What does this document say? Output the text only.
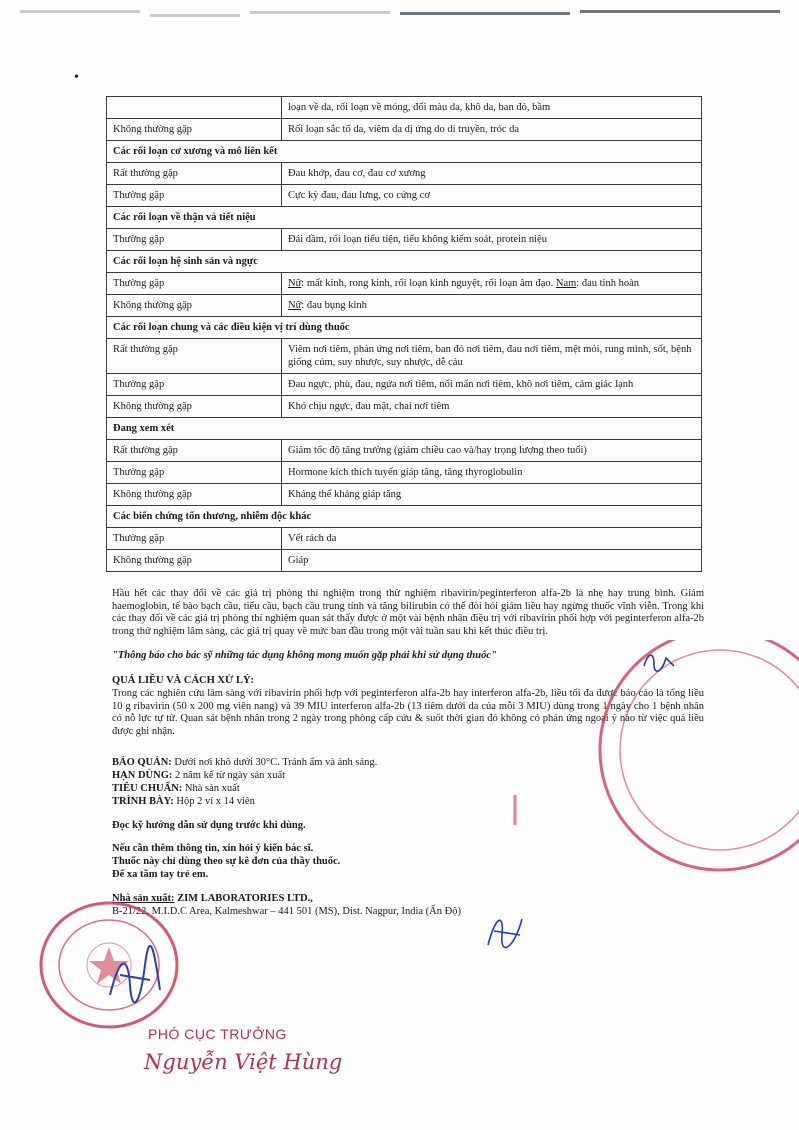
•
	loạn về da, rối loạn về móng, đổi màu da, khô da, ban đỏ, bầm
Không thường gặp	Rối loạn sắc tố da, viêm da dị ứng do di truyền, tróc da
Các rối loạn cơ xương và mô liên kết	
Rất thường gặp	Đau khớp, đau cơ, đau cơ xương
Thường gặp	Cực kỳ đau, đau lưng, co cứng cơ
Các rối loạn về thận và tiết niệu	
Thường gặp	Đái dầm, rối loạn tiểu tiện, tiểu không kiểm soát, protein niệu
Các rối loạn hệ sinh sản và ngực	
Thường gặp	Nữ: mất kinh, rong kinh, rối loạn kinh nguyệt, rối loạn âm đạo. Nam: đau tinh hoàn
Không thường gặp	Nữ: đau bụng kinh
Các rối loạn chung và các điều kiện vị trí dùng thuốc	
Rất thường gặp	Viêm nơi tiêm, phản ứng nơi tiêm, ban đỏ nơi tiêm, đau nơi tiêm, mệt mỏi, rung mình, sốt, bệnh giống cúm, suy nhược, suy nhược, dễ cáu
Thường gặp	Đau ngực, phù, đau, ngứa nơi tiêm, nổi mẩn nơi tiêm, khô nơi tiêm, cảm giác lạnh
Không thường gặp	Khó chịu ngực, đau mặt, chai nơi tiêm
Đang xem xét	
Rất thường gặp	Giảm tốc độ tăng trưởng (giảm chiều cao và/hay trọng lượng theo tuổi)
Thường gặp	Hormone kích thích tuyến giáp tăng, tăng thyroglobulin
Không thường gặp	Kháng thể kháng giáp tăng
Các biến chứng tổn thương, nhiễm độc khác	
Thường gặp	Vết rách da
Không thường gặp	Giáp
Hầu hết các thay đổi về các giá trị phòng thí nghiệm trong thử nghiệm ribavirin/peginterferon alfa-2b là nhẹ hay trung bình. Giảm haemoglobin, tế bào bạch cầu, tiểu cầu, bạch cầu trung tính và tăng bilirubin có thể đòi hỏi giảm liều hay ngừng thuốc vĩnh viễn. Trong khi các thay đổi về các giá trị phòng thí nghiệm quan sát thấy được ở một vài bệnh nhân điều trị với ribavirin phối hợp với peginterferon alfa-2b trong thử nghiệm lâm sàng, các giá trị quay về mức ban đầu trong một vài tuần sau khi kết thúc điều trị.
"Thông báo cho bác sỹ những tác dụng không mong muốn gặp phải khi sử dụng thuốc"
QUÁ LIỀU VÀ CÁCH XỬ LÝ:
Trong các nghiên cứu lâm sàng với ribavirin phối hợp với peginterferon alfa-2b hay interferon alfa-2b, liều tối đa được báo cáo là tổng liều 10 g ribavirin (50 x 200 mg viên nang) và 39 MIU interferon alfa-2b (13 tiêm dưới da của mỗi 3 MIU) dùng trong 1 ngày cho 1 bệnh nhân có nỗ lực tự tử. Quan sát bệnh nhân trong 2 ngày trong phòng cấp cứu & suốt thời gian đó không có phản ứng ngoại ý nào từ việc quá liều được ghi nhận.
BẢO QUẢN: Dưới nơi khô dưới 30°C. Tránh ẩm và ánh sáng.
HẠN DÙNG: 2 năm kể từ ngày sản xuất
TIÊU CHUẨN: Nhà sản xuất
TRÌNH BÀY: Hộp 2 vỉ x 14 viên
Đọc kỹ hướng dẫn sử dụng trước khi dùng.
Nếu cần thêm thông tin, xin hỏi ý kiến bác sĩ.
Thuốc này chỉ dùng theo sự kê đơn của thầy thuốc.
Để xa tầm tay trẻ em.
Nhà sản xuất: ZIM LABORATORIES LTD.,
B-21/22, M.I.D.C Area, Kalmeshwar – 441 501 (MS), Dist. Nagpur, India (Ấn Độ)
PHÓ CỤC TRƯỞNG
Nguyễn Việt Hùng
